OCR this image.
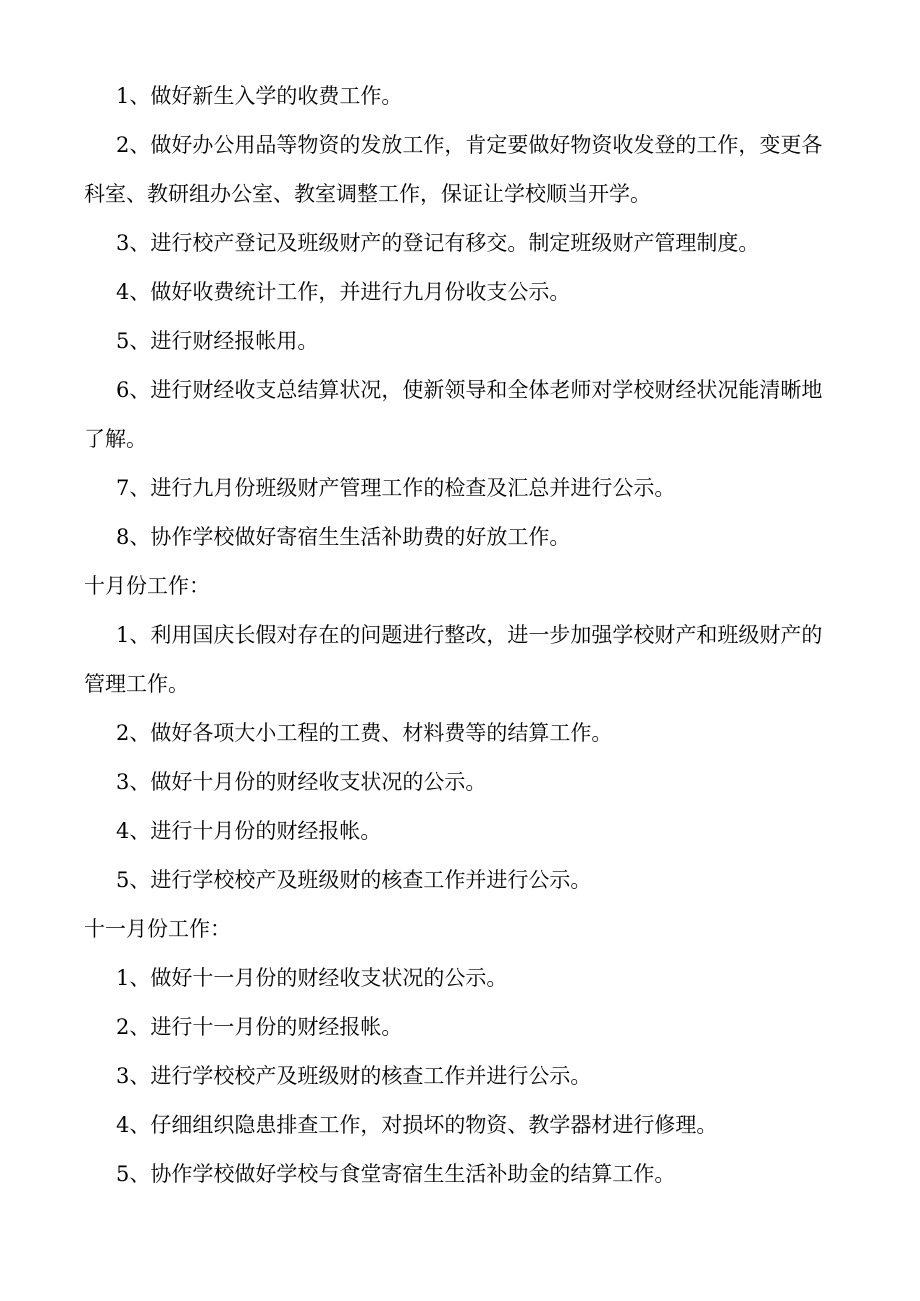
1、做好新生入学的收费工作。

2、做好办公用品等物资的发放工作，肯定要做好物资收发登的工作，变更各科室、教研组办公室、教室调整工作，保证让学校顺当开学。

3、进行校产登记及班级财产的登记有移交。制定班级财产管理制度。

4、做好收费统计工作，并进行九月份收支公示。

5、进行财经报帐用。

6、进行财经收支总结算状况，使新领导和全体老师对学校财经状况能清晰地了解。

7、进行九月份班级财产管理工作的检查及汇总并进行公示。

8、协作学校做好寄宿生生活补助费的好放工作。

十月份工作：

1、利用国庆长假对存在的问题进行整改，进一步加强学校财产和班级财产的管理工作。

2、做好各项大小工程的工费、材料费等的结算工作。

3、做好十月份的财经收支状况的公示。

4、进行十月份的财经报帐。

5、进行学校校产及班级财的核查工作并进行公示。

十一月份工作：

1、做好十一月份的财经收支状况的公示。

2、进行十一月份的财经报帐。

3、进行学校校产及班级财的核查工作并进行公示。

4、仔细组织隐患排查工作，对损坏的物资、教学器材进行修理。

5、协作学校做好学校与食堂寄宿生生活补助金的结算工作。
